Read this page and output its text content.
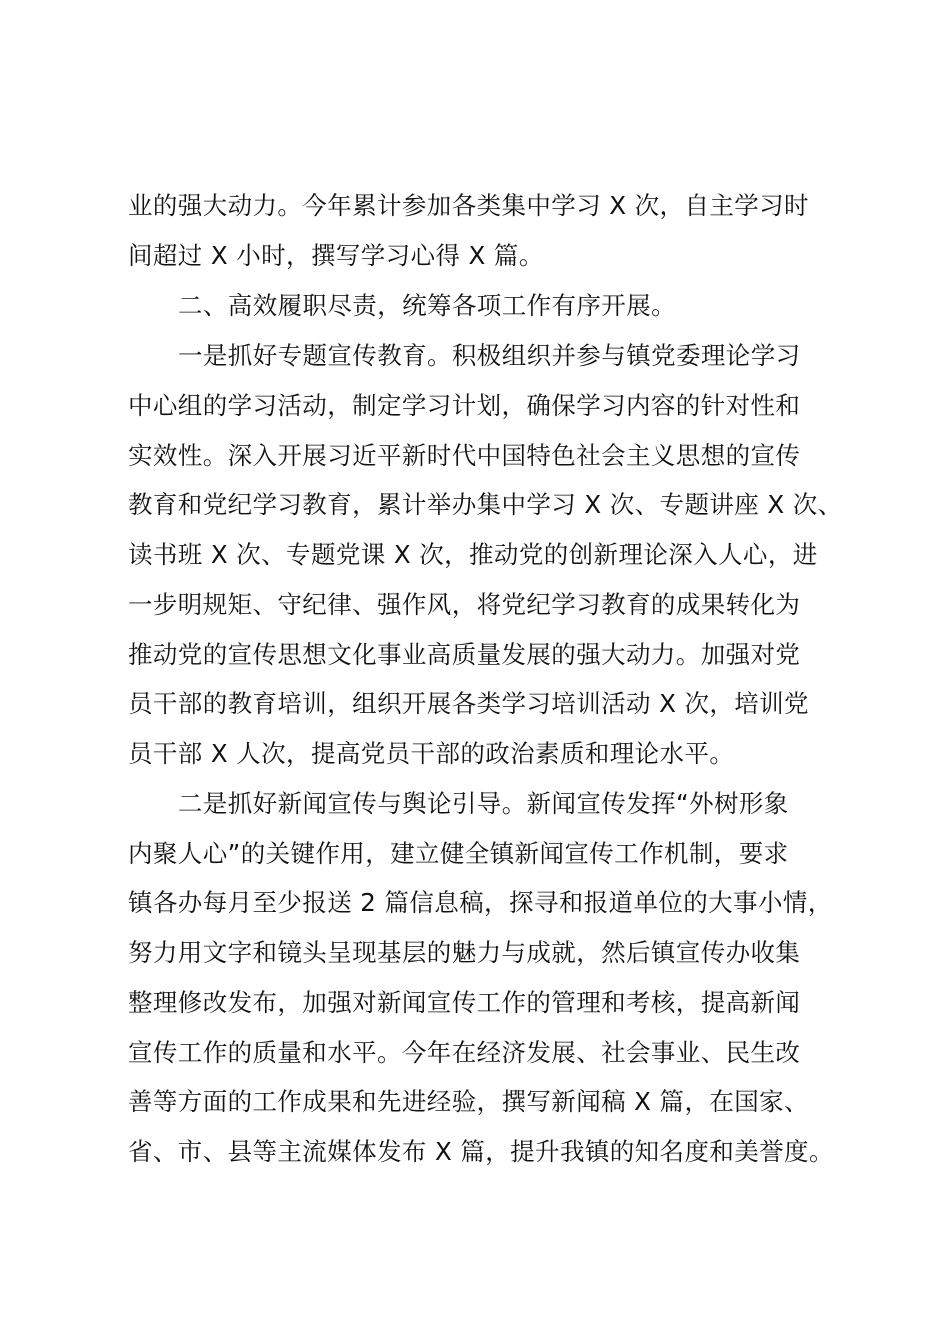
业的强大动力。今年累计参加各类集中学习 X 次，自主学习时
间超过 X 小时，撰写学习心得 X 篇。
二、高效履职尽责，统筹各项工作有序开展。
一是抓好专题宣传教育。积极组织并参与镇党委理论学习
中心组的学习活动，制定学习计划，确保学习内容的针对性和
实效性。深入开展习近平新时代中国特色社会主义思想的宣传
教育和党纪学习教育，累计举办集中学习 X 次、专题讲座 X 次、
读书班 X 次、专题党课 X 次，推动党的创新理论深入人心，进
一步明规矩、守纪律、强作风，将党纪学习教育的成果转化为
推动党的宣传思想文化事业高质量发展的强大动力。加强对党
员干部的教育培训，组织开展各类学习培训活动 X 次，培训党
员干部 X 人次，提高党员干部的政治素质和理论水平。
二是抓好新闻宣传与舆论引导。新闻宣传发挥“外树形象
内聚人心”的关键作用，建立健全镇新闻宣传工作机制，要求
镇各办每月至少报送 2 篇信息稿，探寻和报道单位的大事小情，
努力用文字和镜头呈现基层的魅力与成就，然后镇宣传办收集
整理修改发布，加强对新闻宣传工作的管理和考核，提高新闻
宣传工作的质量和水平。今年在经济发展、社会事业、民生改
善等方面的工作成果和先进经验，撰写新闻稿 X 篇，在国家、
省、市、县等主流媒体发布 X 篇，提升我镇的知名度和美誉度。
